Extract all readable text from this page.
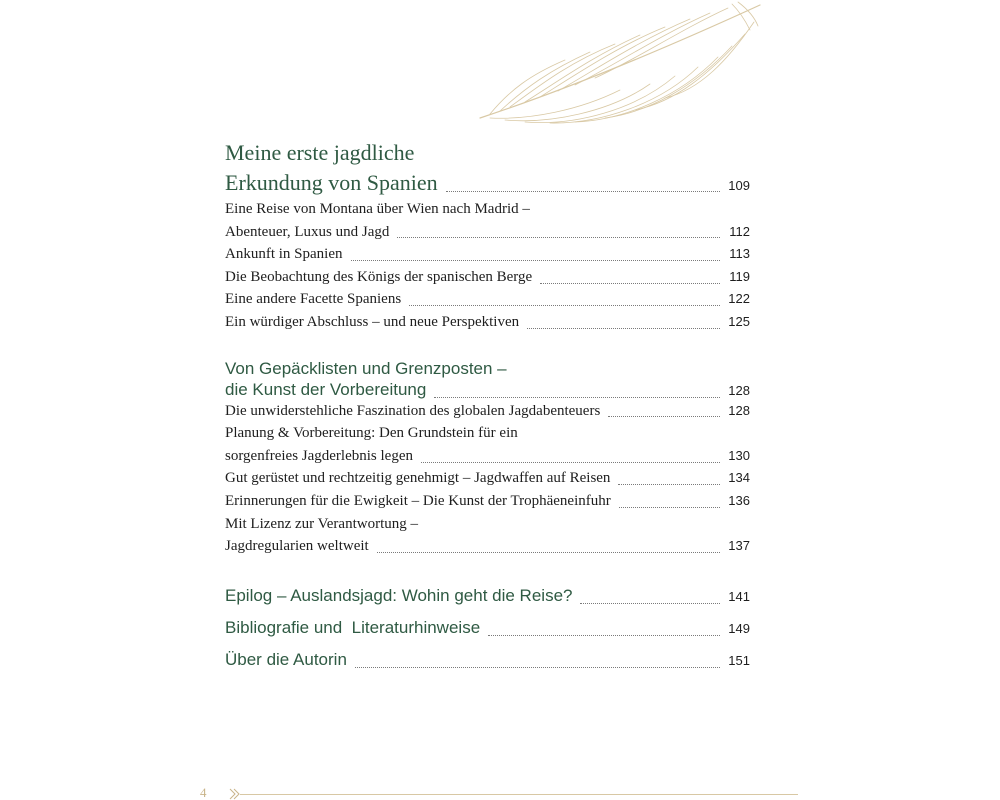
Meine erste jagdliche
Erkundung von Spanien	109
Eine Reise von Montana über Wien nach Madrid –
Abenteuer, Luxus und Jagd	112
Ankunft in Spanien	113
Die Beobachtung des Königs der spanischen Berge	119
Eine andere Facette Spaniens	122
Ein würdiger Abschluss – und neue Perspektiven	125
Von Gepäcklisten und Grenzposten –
die Kunst der Vorbereitung	128
Die unwiderstehliche Faszination des globalen Jagdabenteuers	128
Planung & Vorbereitung: Den Grundstein für ein
sorgenfreies Jagderlebnis legen	130
Gut gerüstet und rechtzeitig genehmigt – Jagdwaffen auf Reisen	134
Erinnerungen für die Ewigkeit – Die Kunst der Trophäeneinfuhr	136
Mit Lizenz zur Verantwortung –
Jagdregularien weltweit	137
Epilog – Auslandsjagd: Wohin geht die Reise?	141
Bibliografie und  Literaturhinweise	149
Über die Autorin	151
4
